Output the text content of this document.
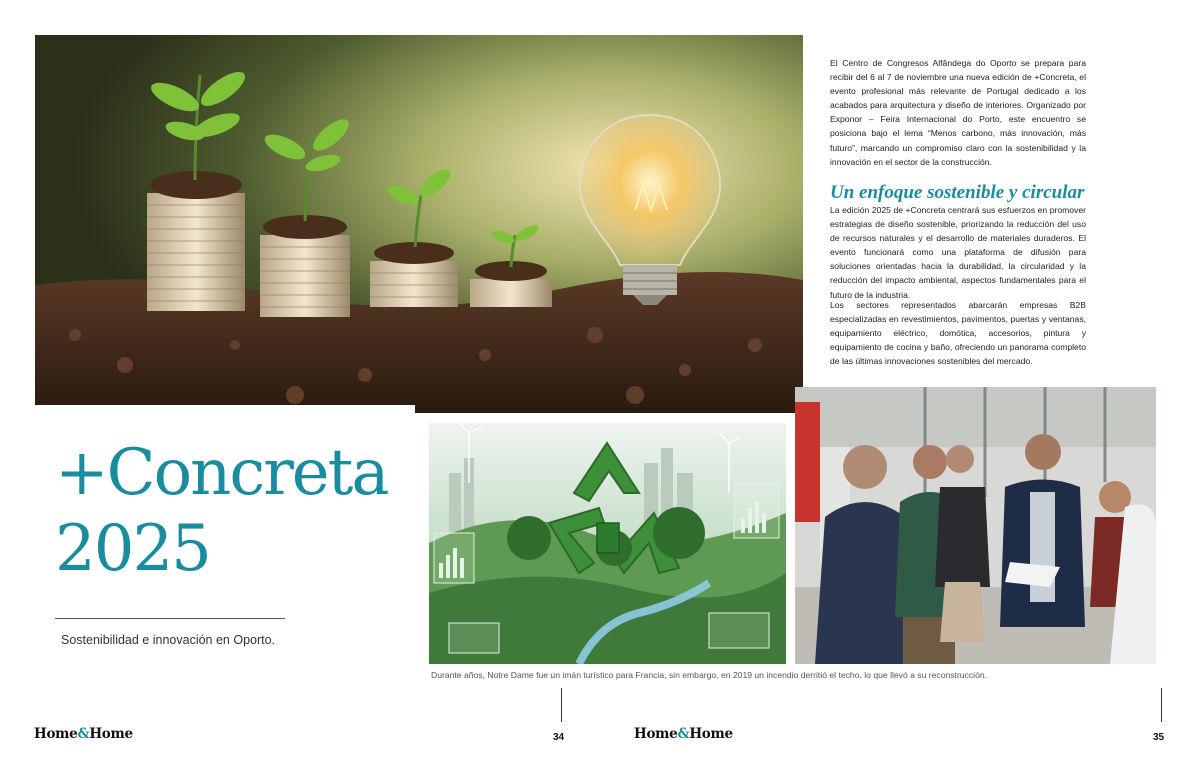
+Concreta
2025
Sostenibilidad e innovación en Oporto.
Durante años, Notre Dame fue un imán turístico para Francia, sin embargo, en 2019 un incendio derritió el techo, lo que llevó a su reconstrucción.

El Centro de Congresos Alfândega do Oporto se prepara para recibir del 6 al 7 de noviembre una nueva edición de +Concreta, el evento profesional más relevante de Portugal dedicado a los acabados para arquitectura y diseño de interiores. Organizado por Exponor – Feira Internacional do Porto, este encuentro se posiciona bajo el lema “Menos carbono, más innovación, más futuro”, marcando un compromiso claro con la sostenibilidad y la innovación en el sector de la construcción.

Un enfoque sostenible y circular

La edición 2025 de +Concreta centrará sus esfuerzos en promover estrategias de diseño sostenible, priorizando la reducción del uso de recursos naturales y el desarrollo de materiales duraderos. El evento funcionará como una plataforma de difusión para soluciones orientadas hacia la durabilidad, la circularidad y la reducción del impacto ambiental, aspectos fundamentales para el futuro de la industria.

Los sectores representados abarcarán empresas B2B especializadas en revestimientos, pavimentos, puertas y ventanas, equipamiento eléctrico, domótica, accesorios, pintura y equipamiento de cocina y baño, ofreciendo un panorama completo de las últimas innovaciones sostenibles del mercado.

Home&Home	Home&Home
34	35
